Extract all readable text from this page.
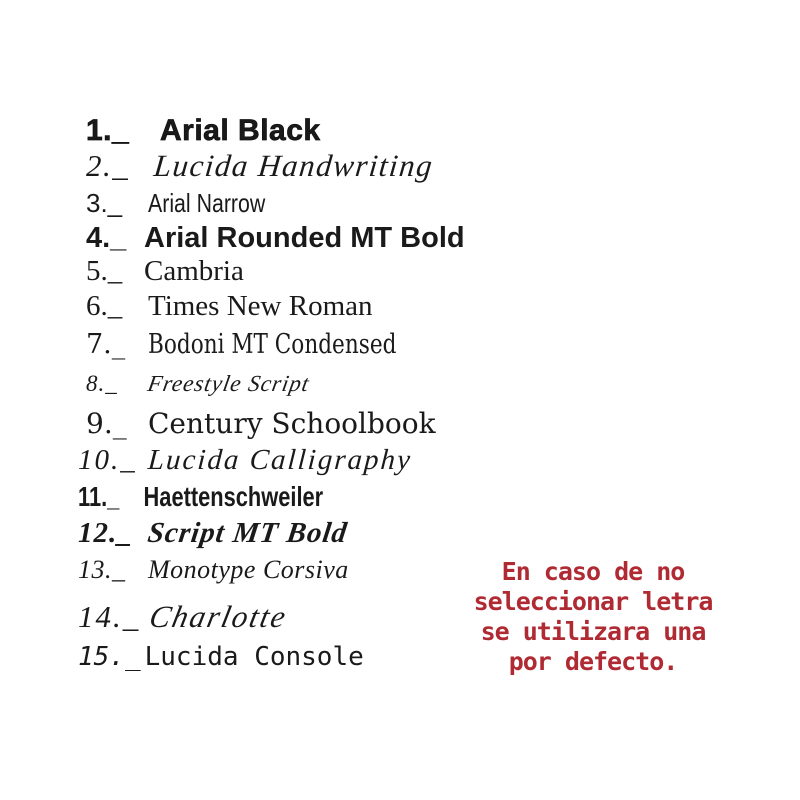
1._ Arial Black
2._ Lucida Handwriting
3._ Arial Narrow
4._ Arial Rounded MT Bold
5._ Cambria
6._ Times New Roman
7._ Bodoni MT Condensed
8._ Freestyle Script
9._ Century Schoolbook
10._ Lucida Calligraphy
11._ Haettenschweiler
12._ Script MT Bold
13._ Monotype Corsiva
14._ Charlotte
15._ Lucida Console
En caso de no
seleccionar letra
se utilizara una
por defecto.
